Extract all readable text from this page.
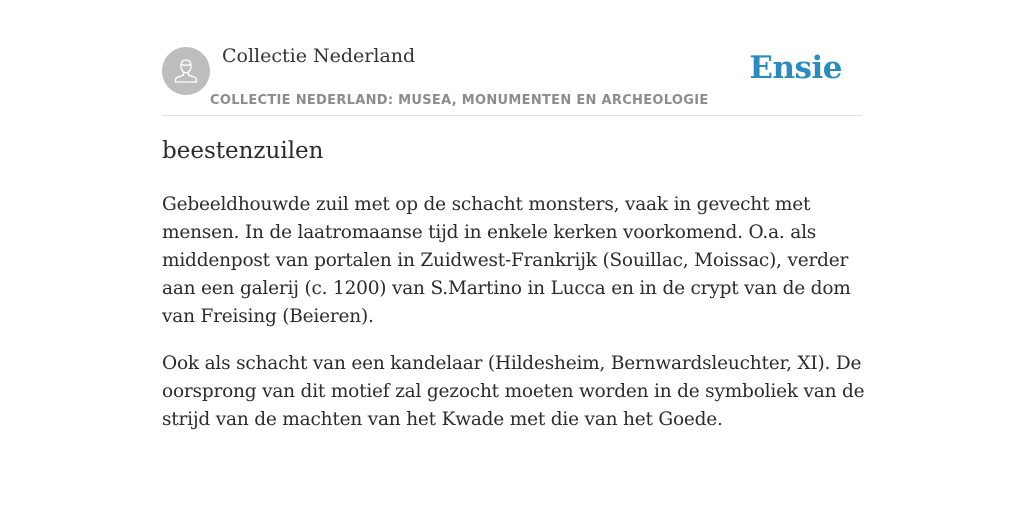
Collectie Nederland
COLLECTIE NEDERLAND: MUSEA, MONUMENTEN EN ARCHEOLOGIE
Ensie
beestenzuilen

Gebeeldhouwde zuil met op de schacht monsters, vaak in gevecht met mensen. In de laatromaanse tijd in enkele kerken voorkomend. O.a. als middenpost van portalen in Zuidwest-Frankrijk (Souillac, Moissac), verder aan een galerij (c. 1200) van S.Martino in Lucca en in de crypt van de dom van Freising (Beieren).

Ook als schacht van een kandelaar (Hildesheim, Bernwardsleuchter, XI). De oorsprong van dit motief zal gezocht moeten worden in de symboliek van de strijd van de machten van het Kwade met die van het Goede.
